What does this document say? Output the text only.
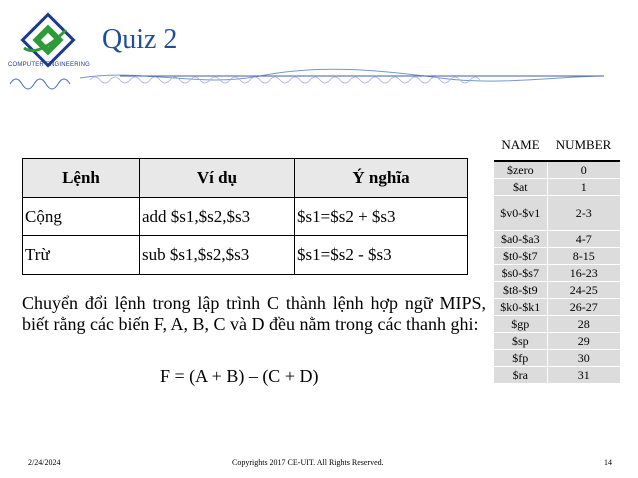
COMPUTER ENGINEERING
Quiz 2
Lệnh	Ví dụ	Ý nghĩa
Cộng	add $s1,$s2,$s3	$s1=$s2 + $s3
Trừ	sub $s1,$s2,$s3	$s1=$s2 - $s3
Chuyển đổi lệnh trong lập trình C thành lệnh hợp ngữ MIPS, biết rằng các biến F, A, B, C và D đều nằm trong các thanh ghi:
F = (A + B) – (C + D)
NAME	NUMBER
$zero	0
$at	1
$v0-$v1	2-3
$a0-$a3	4-7
$t0-$t7	8-15
$s0-$s7	16-23
$t8-$t9	24-25
$k0-$k1	26-27
$gp	28
$sp	29
$fp	30
$ra	31
2/24/2024	Copyrights 2017 CE-UIT. All Rights Reserved.	14
